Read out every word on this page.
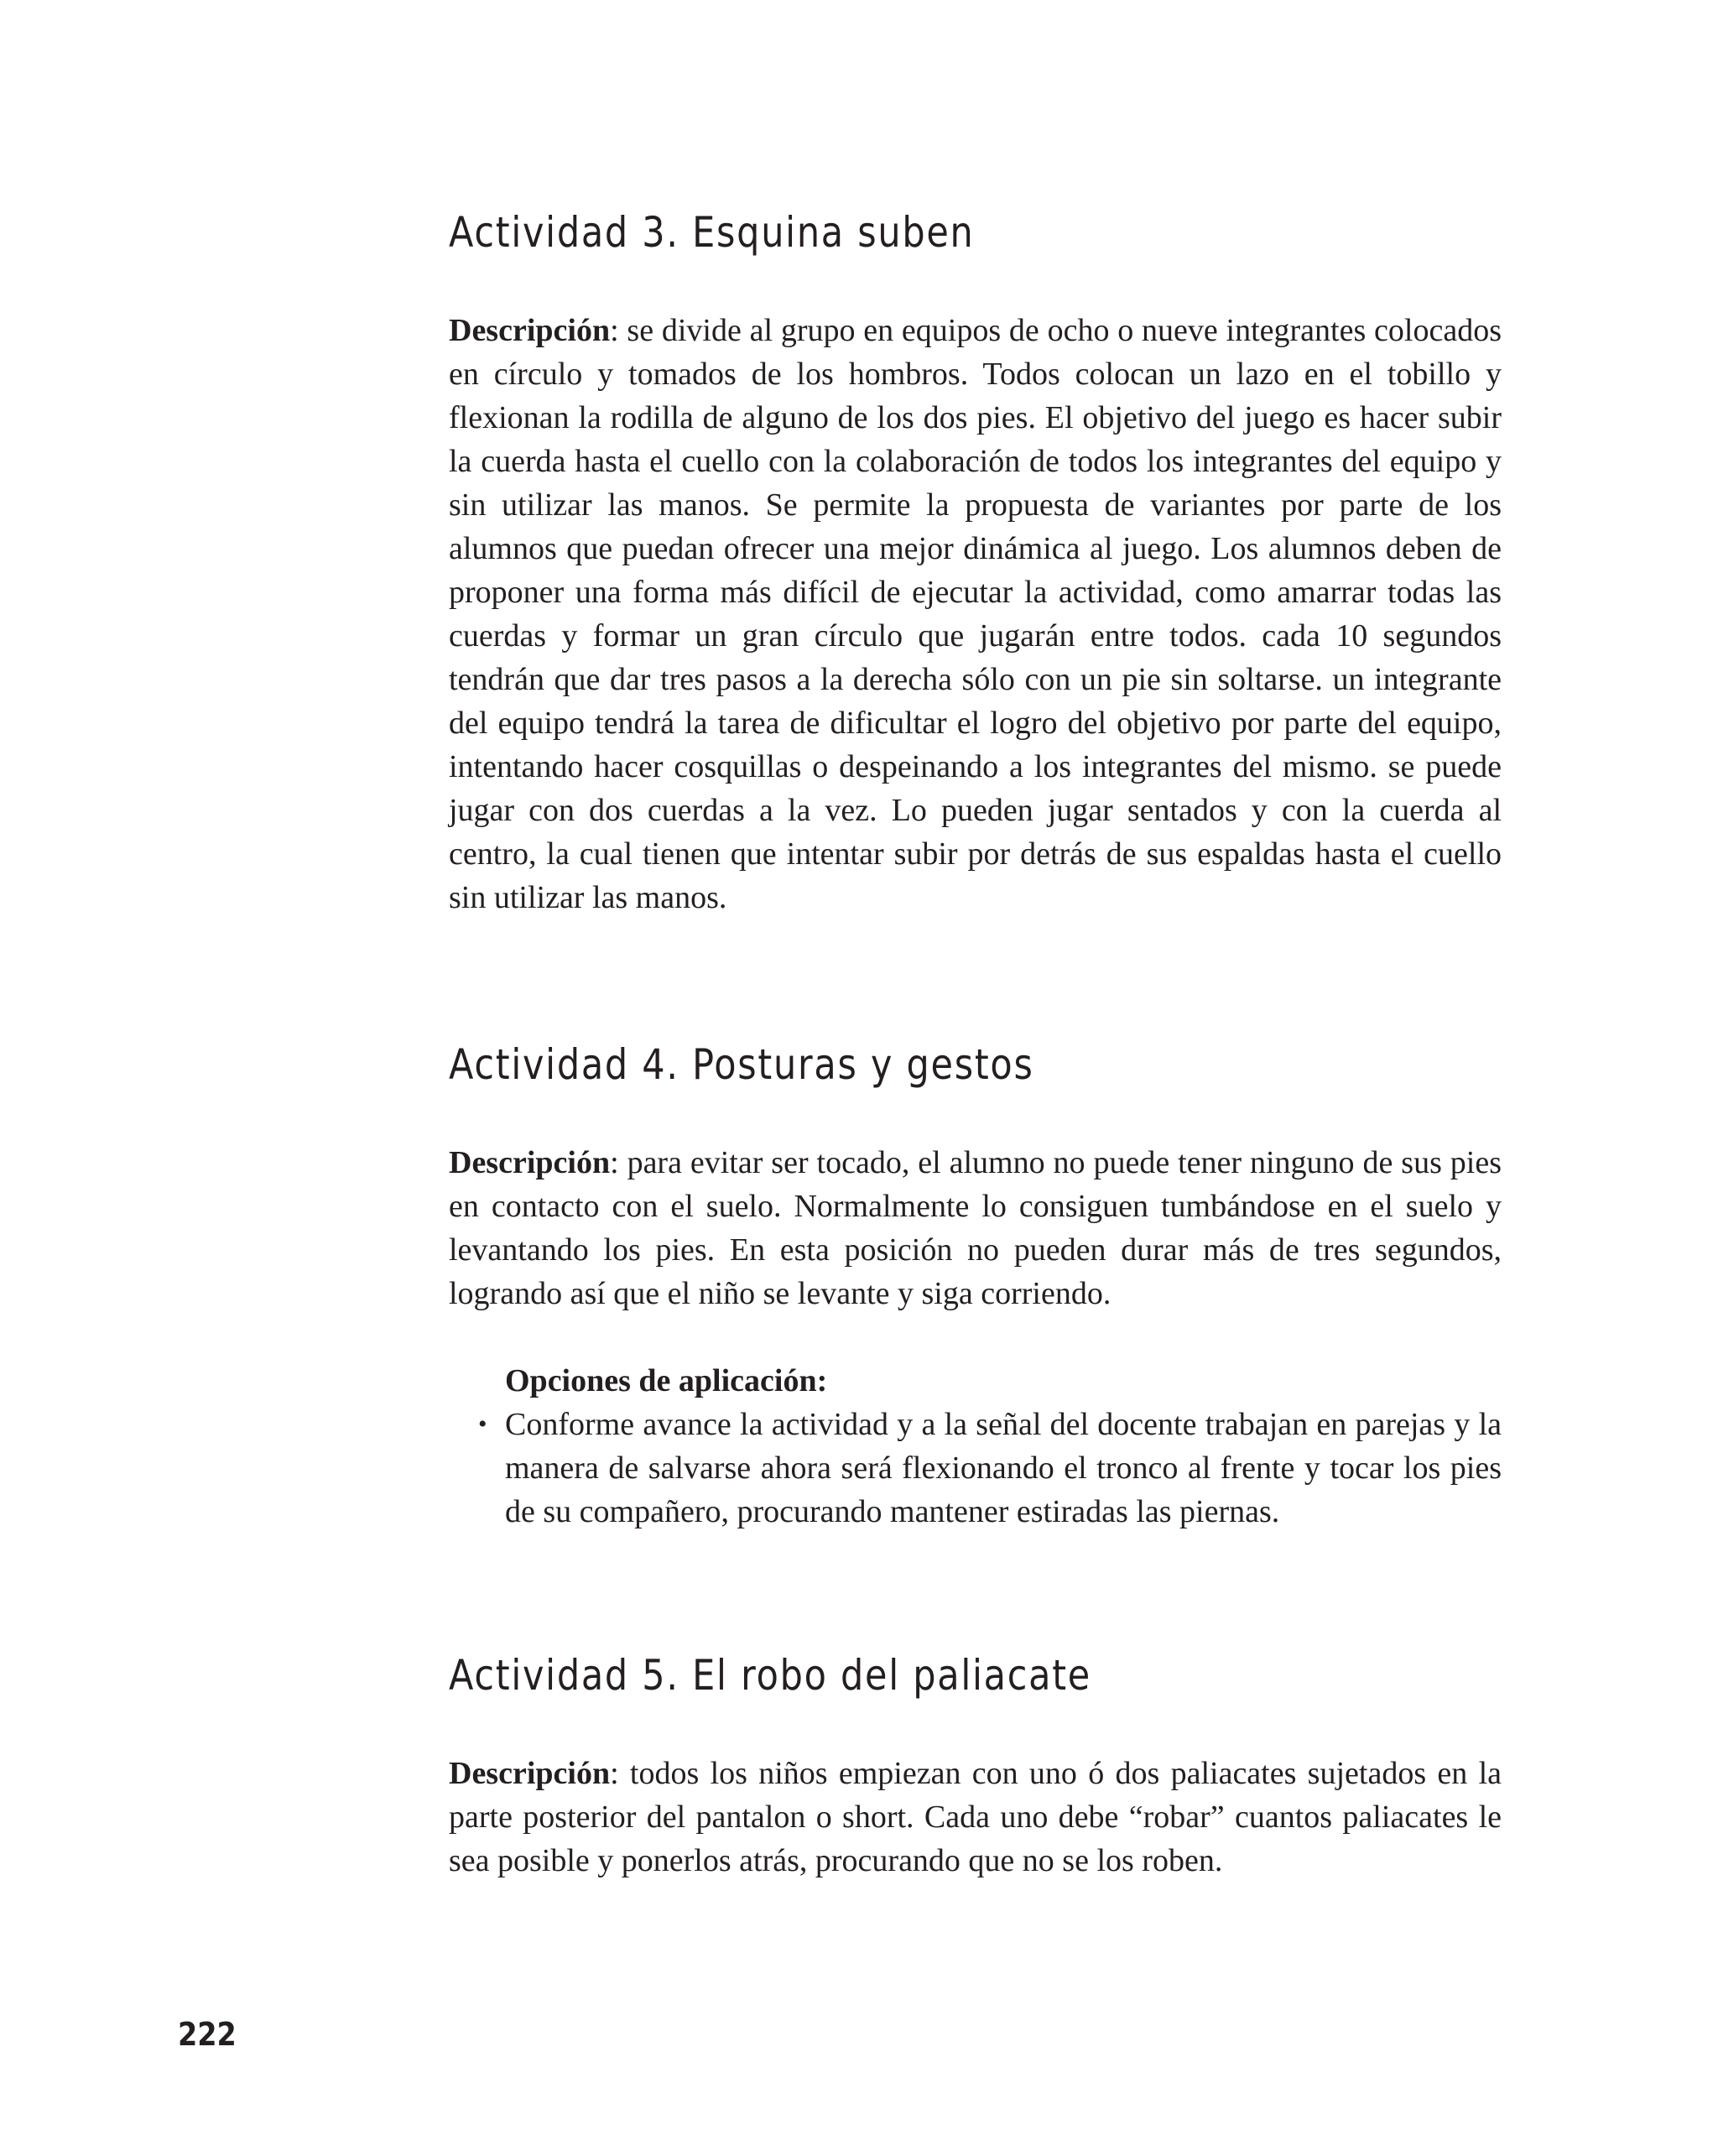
Actividad 3. Esquina suben

Descripción: se divide al grupo en equipos de ocho o nueve integrantes colocados en círculo y tomados de los hombros. Todos colocan un lazo en el tobillo y flexionan la rodilla de alguno de los dos pies. El objetivo del juego es hacer subir la cuerda hasta el cuello con la colaboración de todos los integrantes del equipo y sin utilizar las manos. Se permite la propuesta de variantes por parte de los alumnos que puedan ofrecer una mejor dinámica al juego. Los alumnos deben de proponer una forma más difícil de ejecutar la actividad, como amarrar todas las cuerdas y formar un gran círculo que jugarán entre todos. cada 10 segundos tendrán que dar tres pasos a la derecha sólo con un pie sin soltarse. un integrante del equipo tendrá la tarea de dificultar el logro del objetivo por parte del equipo, intentando hacer cosquillas o despeinando a los integrantes del mismo. se puede jugar con dos cuerdas a la vez. Lo pueden jugar sentados y con la cuerda al centro, la cual tienen que intentar subir por detrás de sus espaldas hasta el cuello sin utilizar las manos.

Actividad 4. Posturas y gestos

Descripción: para evitar ser tocado, el alumno no puede tener ninguno de sus pies en contacto con el suelo. Normalmente lo consiguen tumbándose en el suelo y levantando los pies. En esta posición no pueden durar más de tres segundos, logrando así que el niño se levante y siga corriendo.

Opciones de aplicación:

• Conforme avance la actividad y a la señal del docente trabajan en parejas y la manera de salvarse ahora será flexionando el tronco al frente y tocar los pies de su compañero, procurando mantener estiradas las piernas.
Actividad 5. El robo del paliacate

Descripción: todos los niños empiezan con uno ó dos paliacates sujetados en la parte posterior del pantalon o short. Cada uno debe “robar” cuantos paliacates le sea posible y ponerlos atrás, procurando que no se los roben.

222
